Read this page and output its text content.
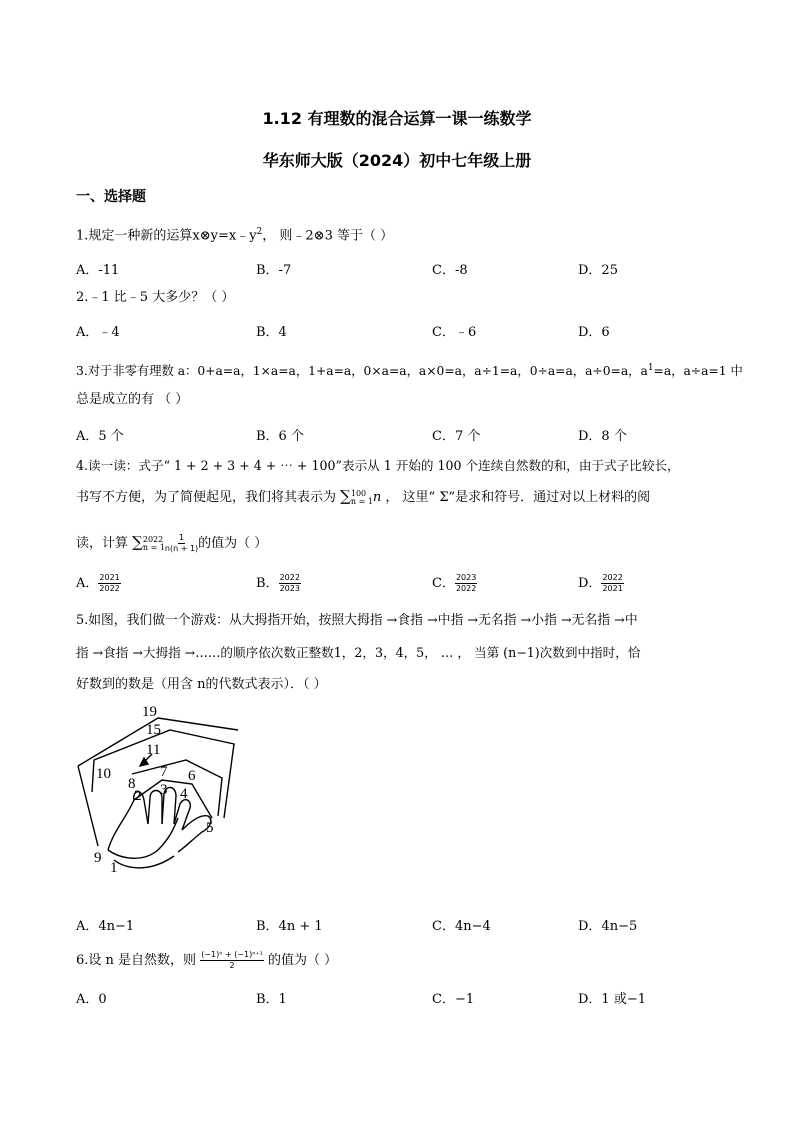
1.12 有理数的混合运算一课一练数学
华东师大版（2024）初中七年级上册
一、选择题
1.规定一种新的运算$x\otimes y=x﹣y^2$， 则﹣2⊗3 等于（ ）
A．-11	B．-7	C．-8	D．25
2.﹣1 比﹣5 大多少？（ ）
A．﹣4	B．4	C．﹣6	D．6
3.对于非零有理数 a：0+a=a，1×a=a，1+a=a，0×a=a，a×0=a，a÷1=a，0÷a=a，a÷0=a，$a^1=a$，a÷a=1 中
总是成立的有 （ ）
A．5 个	B．6 个	C．7 个	D．8 个
4.读一读：式子“ 1 + 2 + 3 + 4 + ⋯ + 100”表示从 1 开始的 100 个连续自然数的和，由于式子比较长，
书写不方便，为了简便起见，我们将其表示为 ∑ 100
n = 1 n ， 这里“ Σ”是求和符号．通过对以上材料的阅
读，计算 ∑ 2022
$n = 1 \frac{1}{n(n + 1)}$ 的值为（ ）
A． $\frac{2021}{2022}$	B． $\frac{2022}{2023}$	C． $\frac{2023}{2022}$	D． $\frac{2022}{2021}$
5.如图，我们做一个游戏：从大拇指开始，按照大拇指 →食指 →中指 →无名指 →小指 →无名指 →中
指 →食指 →大拇指 →……的顺序依次数正整数1，2，3，4，5， … ， 当第 (n−1)次数到中指时，恰
好数到的数是（用含 n的代数式表示）．（ ）
19
15
11
10
8
7 6
3 4
2
5
9
1
A．4n−1	B．4n + 1	C．4n−4	D．4n−5
6.设 n 是自然数，则 $\frac{\text{(−1)ⁿ + (−1)ⁿ⁺¹}}{2}$ 的值为（ ）
A．0	B．1	C．−1	D．1 或−1
